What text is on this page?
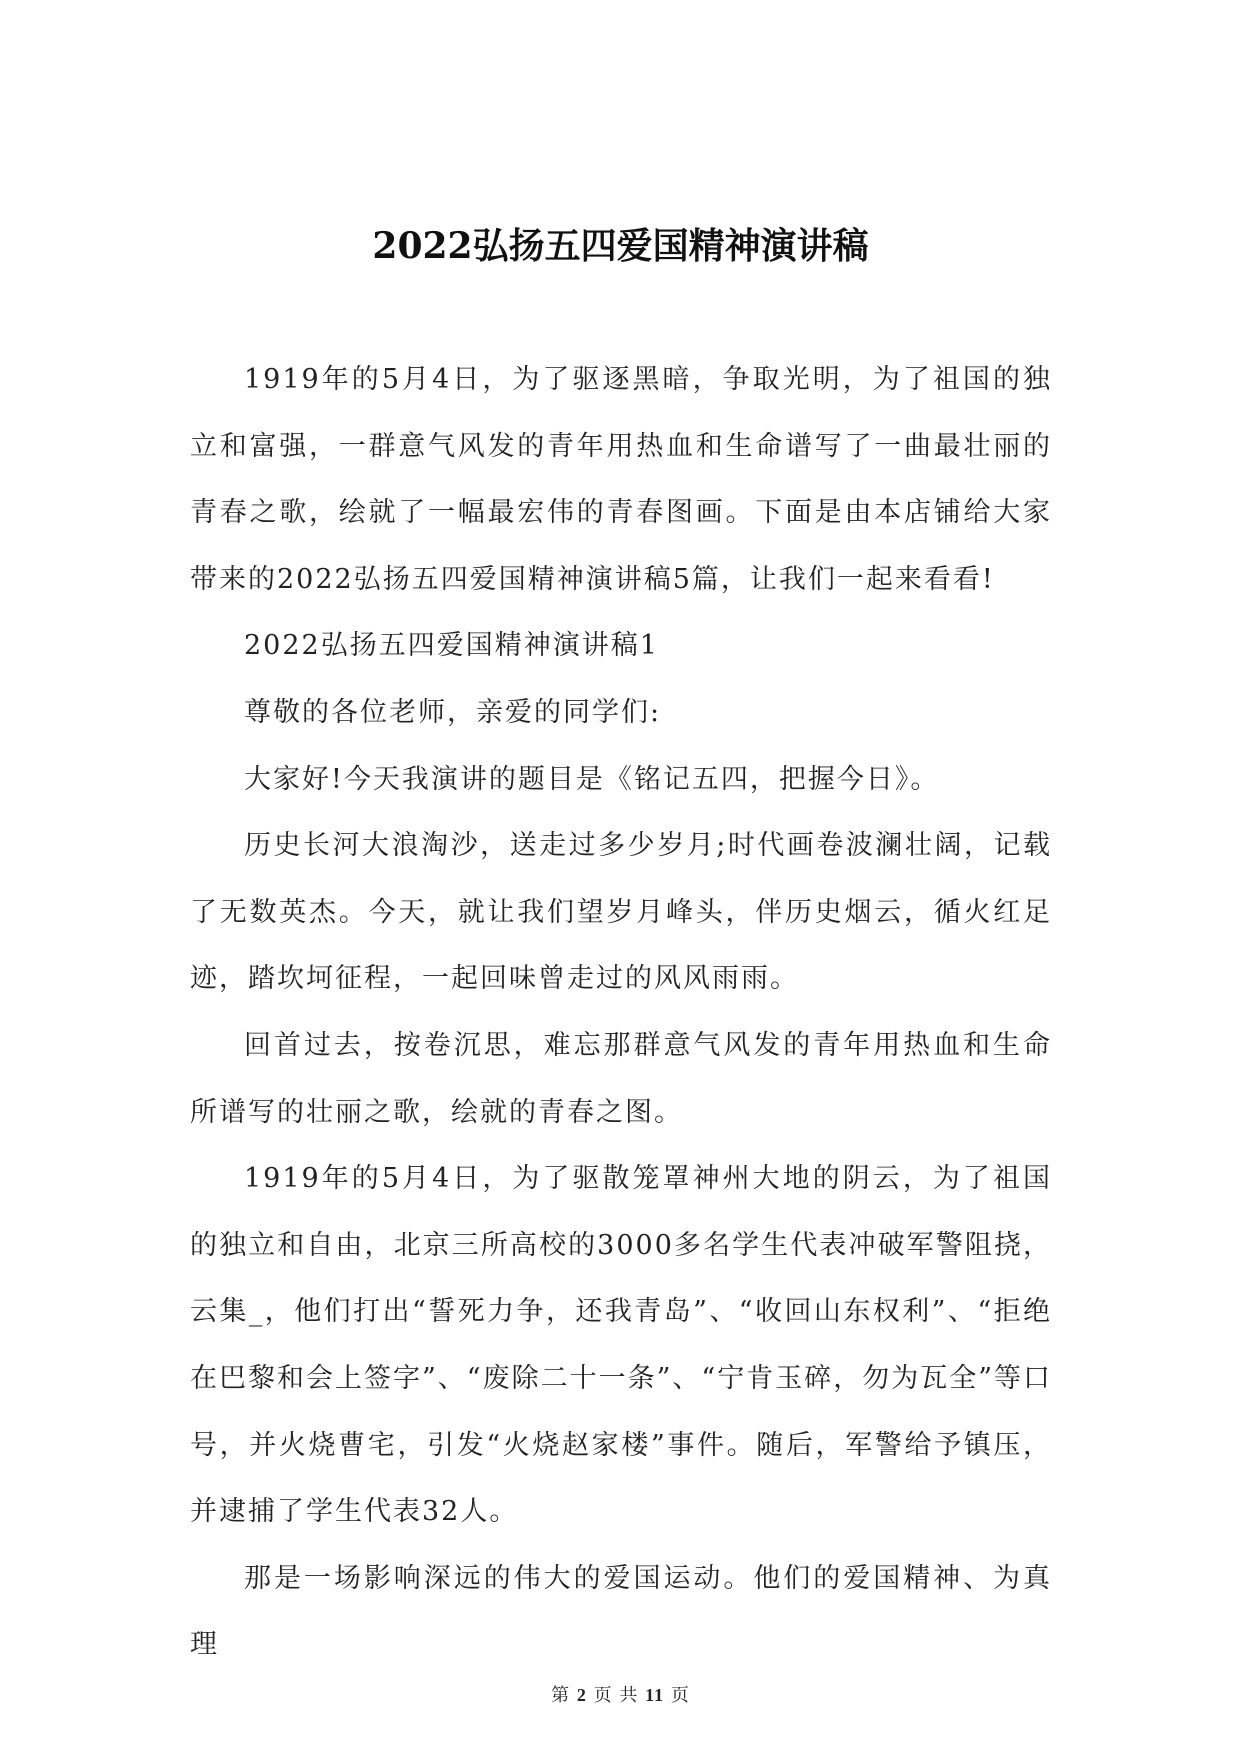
2022弘扬五四爱国精神演讲稿

1919年的5月4日，为了驱逐黑暗，争取光明，为了祖国的独立和富强，一群意气风发的青年用热血和生命谱写了一曲最壮丽的青春之歌，绘就了一幅最宏伟的青春图画。下面是由本店铺给大家带来的2022弘扬五四爱国精神演讲稿5篇，让我们一起来看看!

2022弘扬五四爱国精神演讲稿1

尊敬的各位老师，亲爱的同学们:

大家好!今天我演讲的题目是《铭记五四，把握今日》。

历史长河大浪淘沙，送走过多少岁月;时代画卷波澜壮阔，记载了无数英杰。今天，就让我们望岁月峰头，伴历史烟云，循火红足迹，踏坎坷征程，一起回味曾走过的风风雨雨。

回首过去，按卷沉思，难忘那群意气风发的青年用热血和生命所谱写的壮丽之歌，绘就的青春之图。

1919年的5月4日，为了驱散笼罩神州大地的阴云，为了祖国的独立和自由，北京三所高校的3000多名学生代表冲破军警阻挠，云集_，他们打出“誓死力争，还我青岛”、“收回山东权利”、“拒绝在巴黎和会上签字”、“废除二十一条”、“宁肯玉碎，勿为瓦全”等口号，并火烧曹宅，引发“火烧赵家楼”事件。随后，军警给予镇压，并逮捕了学生代表32人。

那是一场影响深远的伟大的爱国运动。他们的爱国精神、为真理

第 2 页 共 11 页
